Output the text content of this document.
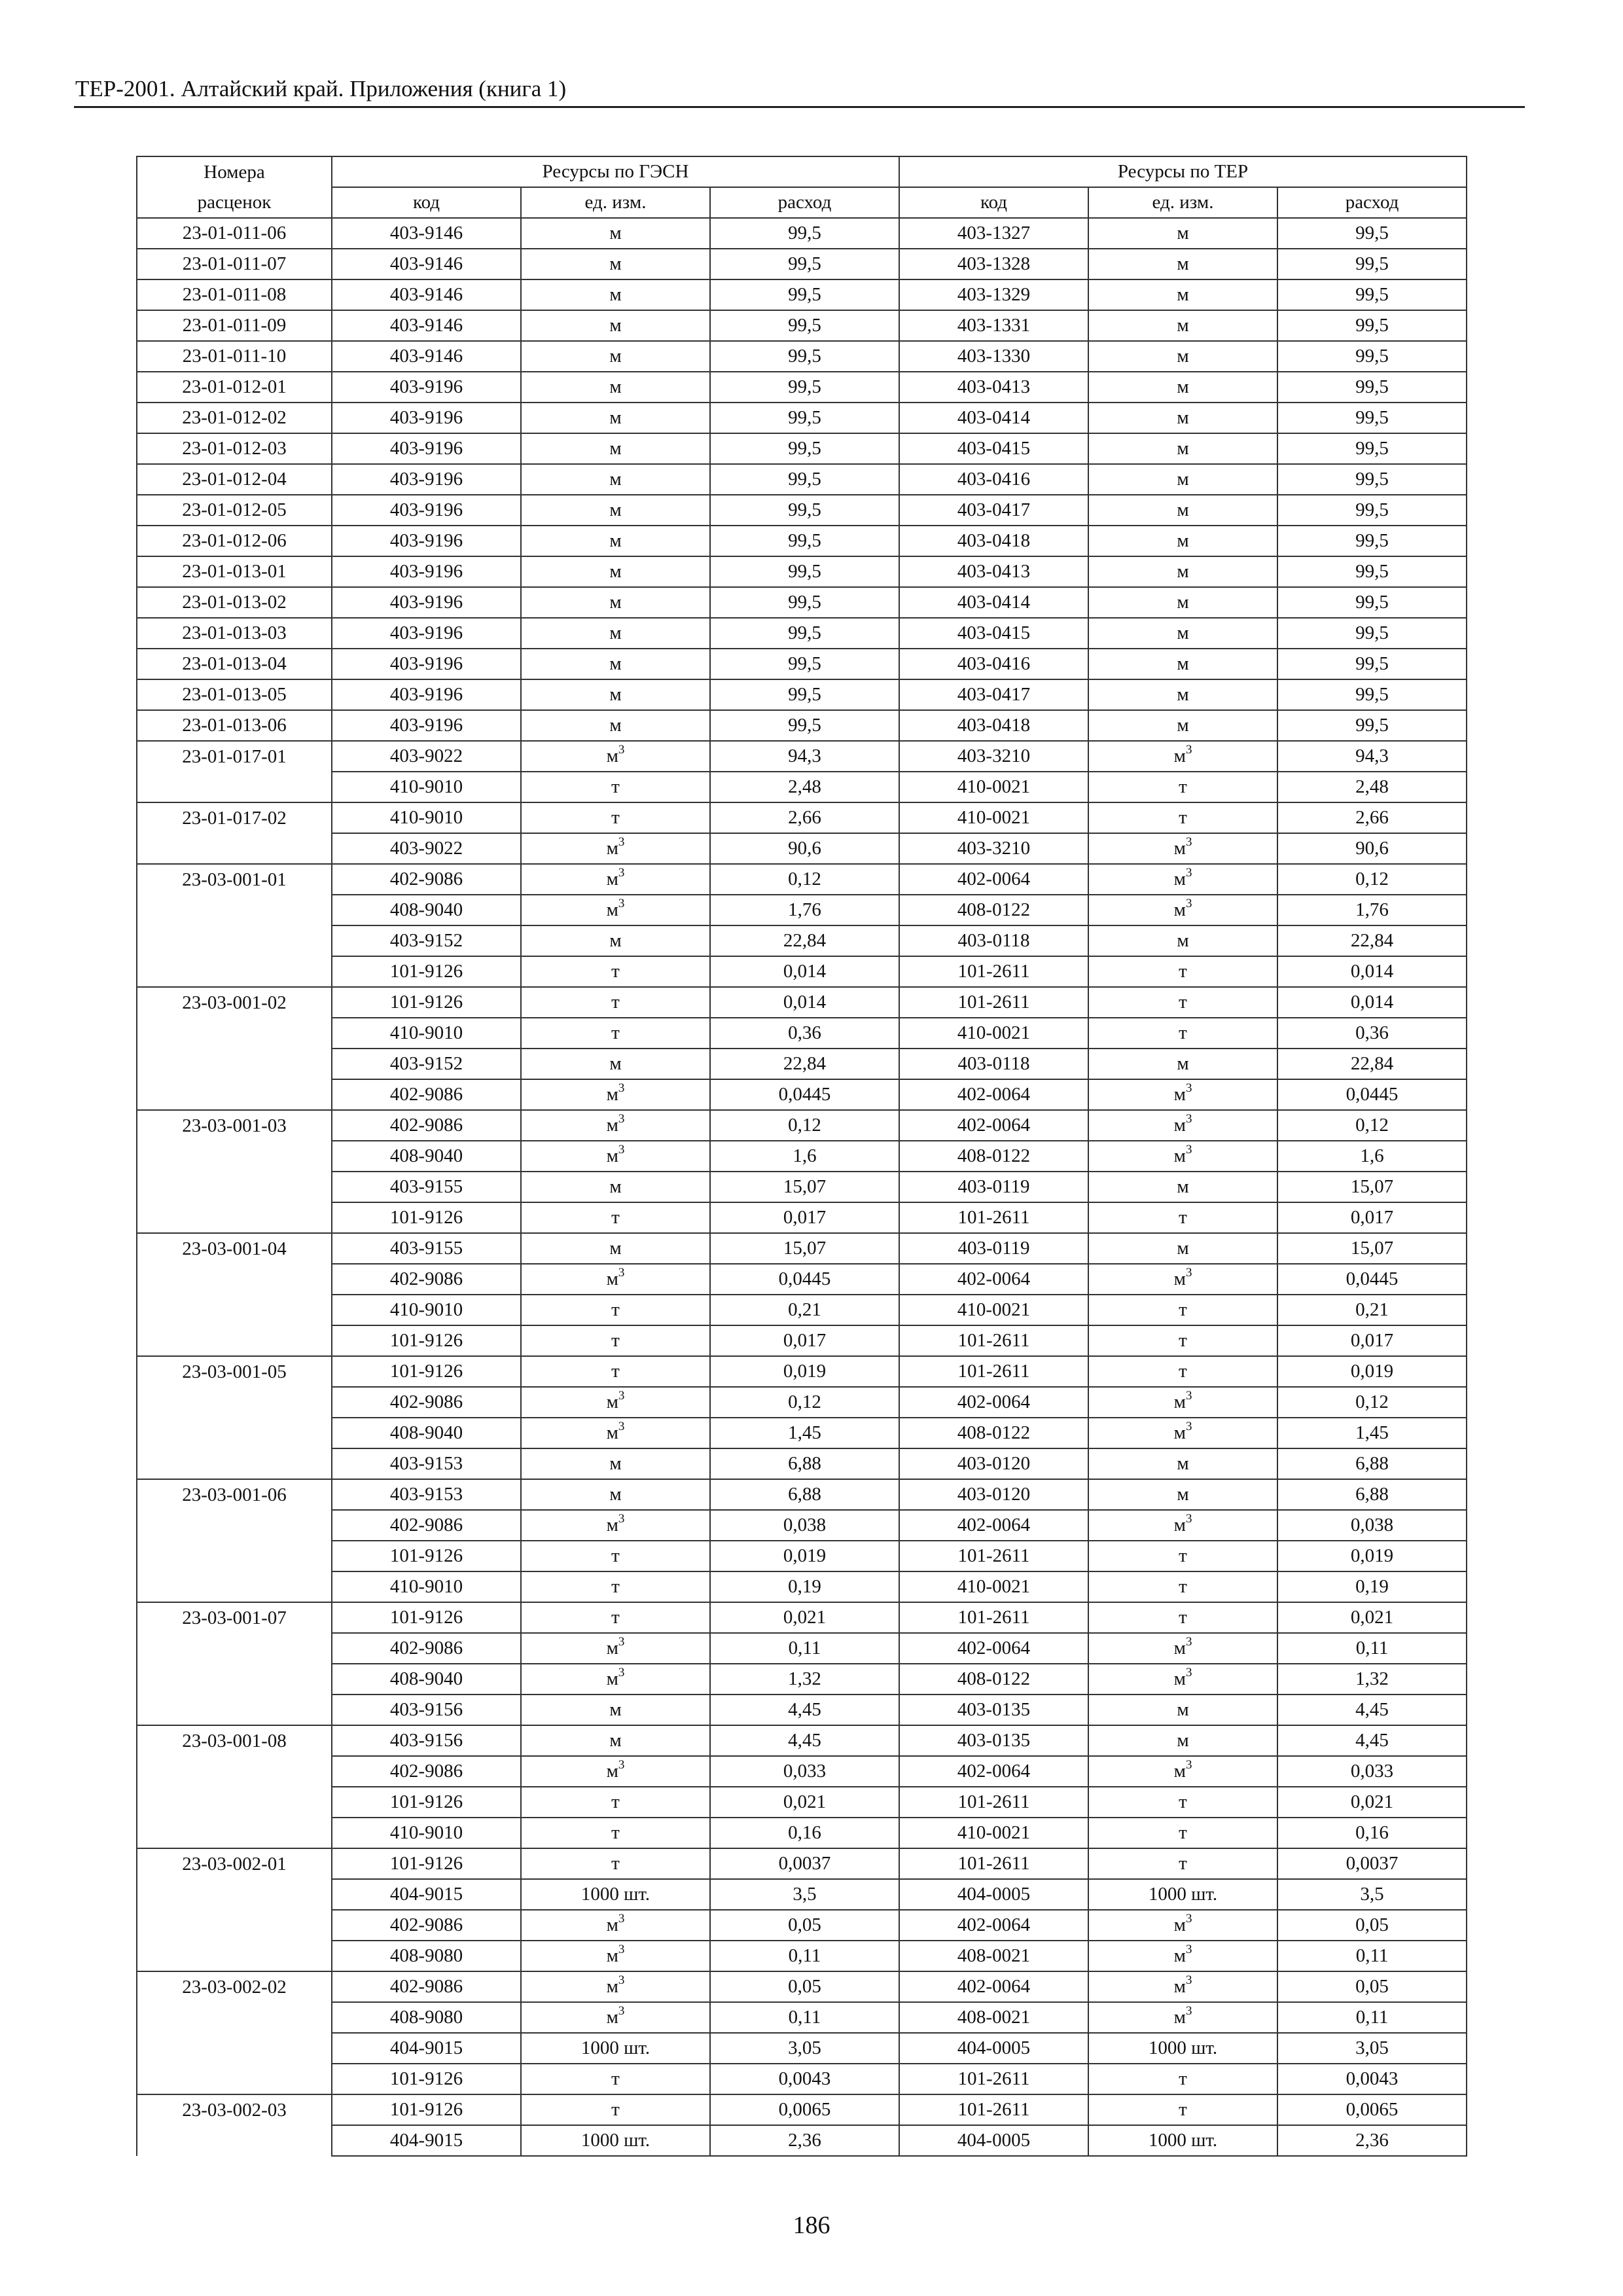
ТЕР-2001. Алтайский край. Приложения (книга 1)
Номера	Ресурсы по ГЭСН			Ресурсы по ТЕР		
расценок	код	ед. изм.	расход	код	ед. изм.	расход
23-01-011-06	403-9146	м	99,5	403-1327	м	99,5
23-01-011-07	403-9146	м	99,5	403-1328	м	99,5
23-01-011-08	403-9146	м	99,5	403-1329	м	99,5
23-01-011-09	403-9146	м	99,5	403-1331	м	99,5
23-01-011-10	403-9146	м	99,5	403-1330	м	99,5
23-01-012-01	403-9196	м	99,5	403-0413	м	99,5
23-01-012-02	403-9196	м	99,5	403-0414	м	99,5
23-01-012-03	403-9196	м	99,5	403-0415	м	99,5
23-01-012-04	403-9196	м	99,5	403-0416	м	99,5
23-01-012-05	403-9196	м	99,5	403-0417	м	99,5
23-01-012-06	403-9196	м	99,5	403-0418	м	99,5
23-01-013-01	403-9196	м	99,5	403-0413	м	99,5
23-01-013-02	403-9196	м	99,5	403-0414	м	99,5
23-01-013-03	403-9196	м	99,5	403-0415	м	99,5
23-01-013-04	403-9196	м	99,5	403-0416	м	99,5
23-01-013-05	403-9196	м	99,5	403-0417	м	99,5
23-01-013-06	403-9196	м	99,5	403-0418	м	99,5
23-01-017-01	403-9022	$м^3$	94,3	403-3210	$м^3$	94,3
	410-9010	т	2,48	410-0021	т	2,48
23-01-017-02	410-9010	т	2,66	410-0021	т	2,66
	403-9022	$м^3$	90,6	403-3210	$м^3$	90,6
23-03-001-01	402-9086	$м^3$	0,12	402-0064	$м^3$	0,12
	408-9040	$м^3$	1,76	408-0122	$м^3$	1,76
	403-9152	м	22,84	403-0118	м	22,84
	101-9126	т	0,014	101-2611	т	0,014
23-03-001-02	101-9126	т	0,014	101-2611	т	0,014
	410-9010	т	0,36	410-0021	т	0,36
	403-9152	м	22,84	403-0118	м	22,84
	402-9086	$м^3$	0,0445	402-0064	$м^3$	0,0445
23-03-001-03	402-9086	$м^3$	0,12	402-0064	$м^3$	0,12
	408-9040	$м^3$	1,6	408-0122	$м^3$	1,6
	403-9155	м	15,07	403-0119	м	15,07
	101-9126	т	0,017	101-2611	т	0,017
23-03-001-04	403-9155	м	15,07	403-0119	м	15,07
	402-9086	$м^3$	0,0445	402-0064	$м^3$	0,0445
	410-9010	т	0,21	410-0021	т	0,21
	101-9126	т	0,017	101-2611	т	0,017
23-03-001-05	101-9126	т	0,019	101-2611	т	0,019
	402-9086	$м^3$	0,12	402-0064	$м^3$	0,12
	408-9040	$м^3$	1,45	408-0122	$м^3$	1,45
	403-9153	м	6,88	403-0120	м	6,88
23-03-001-06	403-9153	м	6,88	403-0120	м	6,88
	402-9086	$м^3$	0,038	402-0064	$м^3$	0,038
	101-9126	т	0,019	101-2611	т	0,019
	410-9010	т	0,19	410-0021	т	0,19
23-03-001-07	101-9126	т	0,021	101-2611	т	0,021
	402-9086	$м^3$	0,11	402-0064	$м^3$	0,11
	408-9040	$м^3$	1,32	408-0122	$м^3$	1,32
	403-9156	м	4,45	403-0135	м	4,45
23-03-001-08	403-9156	м	4,45	403-0135	м	4,45
	402-9086	$м^3$	0,033	402-0064	$м^3$	0,033
	101-9126	т	0,021	101-2611	т	0,021
	410-9010	т	0,16	410-0021	т	0,16
23-03-002-01	101-9126	т	0,0037	101-2611	т	0,0037
	404-9015	1000 шт.	3,5	404-0005	1000 шт.	3,5
	402-9086	$м^3$	0,05	402-0064	$м^3$	0,05
	408-9080	$м^3$	0,11	408-0021	$м^3$	0,11
23-03-002-02	402-9086	$м^3$	0,05	402-0064	$м^3$	0,05
	408-9080	$м^3$	0,11	408-0021	$м^3$	0,11
	404-9015	1000 шт.	3,05	404-0005	1000 шт.	3,05
	101-9126	т	0,0043	101-2611	т	0,0043
23-03-002-03	101-9126	т	0,0065	101-2611	т	0,0065
	404-9015	1000 шт.	2,36	404-0005	1000 шт.	2,36
186
